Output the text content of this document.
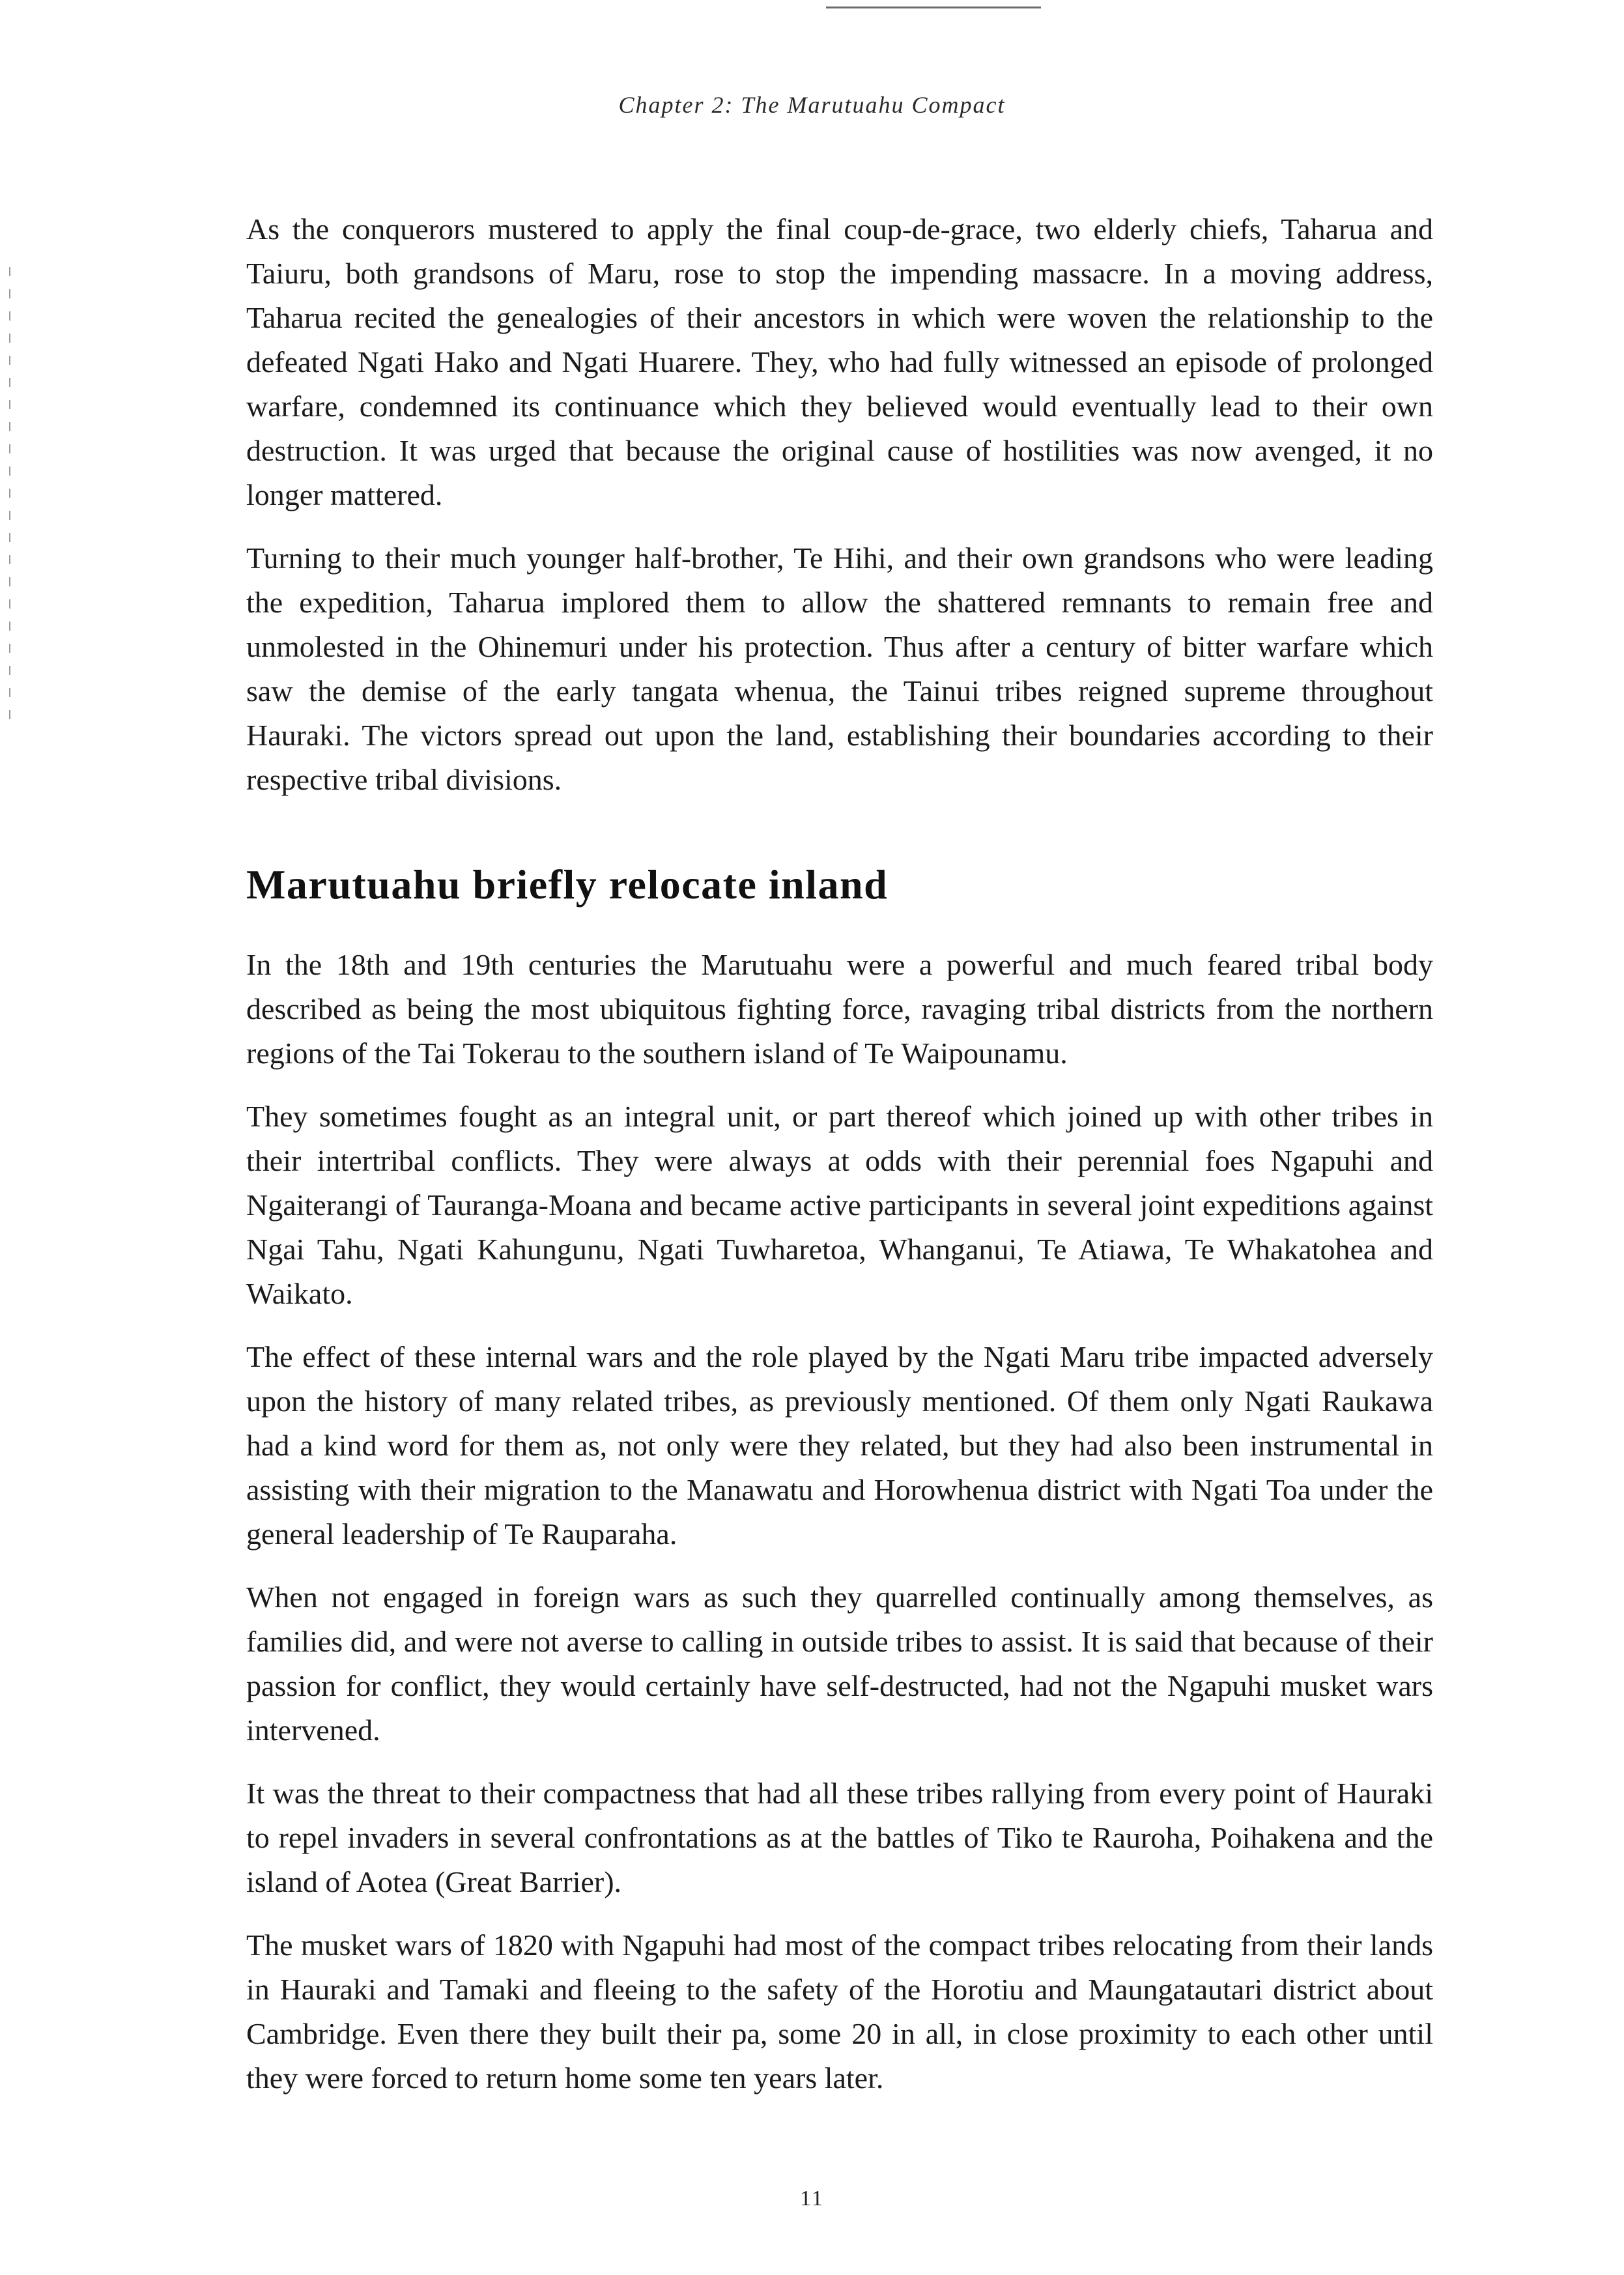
Chapter 2: The Marutuahu Compact

As the conquerors mustered to apply the final coup-de-grace, two elderly chiefs, Taharua and Taiuru, both grandsons of Maru, rose to stop the impending massacre. In a moving address, Taharua recited the genealogies of their ancestors in which were woven the relationship to the defeated Ngati Hako and Ngati Huarere. They, who had fully witnessed an episode of prolonged warfare, condemned its continuance which they believed would eventually lead to their own destruction. It was urged that because the original cause of hostilities was now avenged, it no longer mattered.

Turning to their much younger half-brother, Te Hihi, and their own grandsons who were leading the expedition, Taharua implored them to allow the shattered remnants to remain free and unmolested in the Ohinemuri under his protection. Thus after a century of bitter warfare which saw the demise of the early tangata whenua, the Tainui tribes reigned supreme throughout Hauraki. The victors spread out upon the land, establishing their boundaries according to their respective tribal divisions.

Marutuahu briefly relocate inland

In the 18th and 19th centuries the Marutuahu were a powerful and much feared tribal body described as being the most ubiquitous fighting force, ravaging tribal districts from the northern regions of the Tai Tokerau to the southern island of Te Waipounamu.

They sometimes fought as an integral unit, or part thereof which joined up with other tribes in their intertribal conflicts. They were always at odds with their perennial foes Ngapuhi and Ngaiterangi of Tauranga-Moana and became active participants in several joint expeditions against Ngai Tahu, Ngati Kahungunu, Ngati Tuwharetoa, Whanganui, Te Atiawa, Te Whakatohea and Waikato.

The effect of these internal wars and the role played by the Ngati Maru tribe impacted adversely upon the history of many related tribes, as previously mentioned. Of them only Ngati Raukawa had a kind word for them as, not only were they related, but they had also been instrumental in assisting with their migration to the Manawatu and Horowhenua district with Ngati Toa under the general leadership of Te Rauparaha.

When not engaged in foreign wars as such they quarrelled continually among themselves, as families did, and were not averse to calling in outside tribes to assist. It is said that because of their passion for conflict, they would certainly have self-destructed, had not the Ngapuhi musket wars intervened.

It was the threat to their compactness that had all these tribes rallying from every point of Hauraki to repel invaders in several confrontations as at the battles of Tiko te Rauroha, Poihakena and the island of Aotea (Great Barrier).

The musket wars of 1820 with Ngapuhi had most of the compact tribes relocating from their lands in Hauraki and Tamaki and fleeing to the safety of the Horotiu and Maungatautari district about Cambridge. Even there they built their pa, some 20 in all, in close proximity to each other until they were forced to return home some ten years later.

11
